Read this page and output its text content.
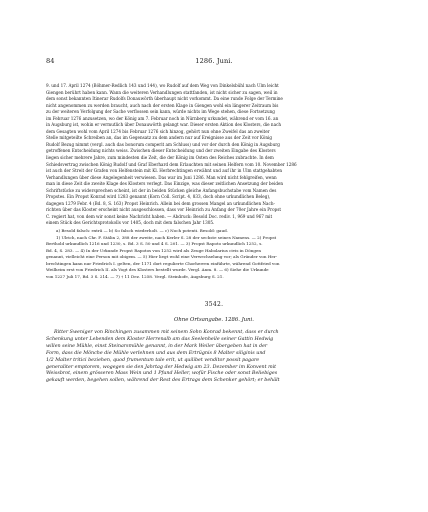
84	1286. Juni.

9. und 17. April 1274 (Böhmer-Redlich 143 und 144), wo Rudolf auf dem Weg von Dinkelsbühl nach Ulm leicht

Giengen berührt haben kann. Wann die weiteren Verhandlungen stattfanden, ist nicht sicher zu sagen, weil in

dem sonst bekannten Itinerar Rudolfs Donauwörth überhaupt nicht vorkommt. Da eine runde Folge der Termine

nicht angenommen zu werden braucht, auch nach der ersten Klage in Giengen wohl ein längerer Zeitraum bis

zu der weiteren Verfolgung der Sache verflossen sein kann, würde nichts im Wege stehen, diese Fortsetzung

im Februar 1276 anzusetzen, wo der König am 7. Februar noch in Nürnberg urkundet, während er vom 16. an

in Augsburg ist, wohin er vermutlich über Donauwörth gelangt war. Dieser ersten Aktion des Klosters, die nach

dem Gesagten wohl vom April 1274 bis Februar 1276 sich hinzog, gehört nun ohne Zweifel das an zweiter

Stelle mitgeteilte Schreiben an, das im Gegensatz zu dem andern nur auf Ereignisse aus der Zeit vor König

Rudolf Bezug nimmt (vergl. auch das bonorum comperit am Schluss) und vor der durch den König in Augsburg

getroffenen Entscheidung nichts weiss. Zwischen dieser Entscheidung und der zweiten Eingabe des Klosters

liegen sicher mehrere Jahre, zum mindesten die Zeit, die der König im Osten des Reiches zubrachte. In dem

Schiedsvertrag zwischen König Rudolf und Graf Eberhard dem Erlauchten mit seinen Helfern vom 10. November 1286

ist auch der Streit der Grafen von Helfenstein mit Kl. Herbrechtingen erwähnt und auf ihr in Ulm stattgehabten

Verhandlungen über diese Angelegenheit verwiesen. Das war im Juni 1286. Man wird nicht fehlgreifen, wenn

man in diese Zeit die zweite Klage des Klosters verlegt. Das Einzige, was dieser zeitlichen Ansetzung der beiden

Schriftstücke zu widersprechen scheint, ist der in beiden Stücken gleiche Anfangsbuchstabe vom Namen des

Propstes. Ein Propst Konrad wird 1283 genannt (Korn Coll. Script. 4, 833, doch ohne urkundlichen Beleg),

dagegen 1279 Febr. 4 (Bd. 8, S. 163) Propst Heinrich. Allein bei dem grossen Mangel an urkundlichen Nach-

richten über das Kloster erscheint nicht ausgeschlossen, dass vor Heinrich zu Anfang der 70er Jahre ein Propst

C. regiert hat, von dem wir sonst keine Nachricht haben. — Abdruck: Besold Doc. rediv. 1, 969 und 967 mit

einem Stück des Gerichtsprotokolls vor 1405, doch mit dem falschen Jahr 1305.

a) Besold falsch: extrâ — b) So falsch wiederholt. — c) Noch potenti. Besold: gaud.

1) Ulrich, nach Chr. F. Stälin 2, 388 der zweite, nach Kerler S. 28 der sechste seines Namens. — 2) Propst

Berthold urkundlich 1216 und 1230, s. Bd. 3 S. 50 und 4 S. 201. — 3) Propst Rapoto urkundlich 1252, s.

Bd. 4, S. 283. — 4) In der Urkunde Propst Rapotos von 1252 wird als Zeuge Habolarius civis in Döngen

genannt, vielleicht eine Person mit obigem. — 5) Hier liegt wohl eine Verwechselung vor; als Gründer von Her-

brechtingen kann nur Friedrich I. gelten, der 1171 dort regulierte Chorherren einführte, während Gottfried von

Weilheim erst von Friedrich II. als Vogt des Klosters bestellt wurde. Vergl. Anm. 8. — 6) Siehe die Urkunde

von 1227 Juli 17, Bd. 3 S. 214. — 7) † 11 Dez. 1258. Vergl. Steinhofe, Augsburg S. 21.

3542.
Ohne Ortsangabe. 1286. Juni.

Ritter Sweniger von Rinchingen zusammen mit seinem Sohn Konrad bekennt, dass er durch

Schenkung unter Lebenden dem Kloster Herrenalb am das Seelenheile seiner Gattin Hedwig

willen seine Mühle, einst Steinarsmühle genannt, in der Mark Weiler übergeben hat in der

Form, dass die Mönche die Mühle verlehnen und aus dem Ertrügnis 8 Malter siliginis und

1/2 Malter tritici beziehen, quod frumentum tale erit, ut quilibet venditor possit pagare

generaliter emptorem, wogegen sie den Jahrtag der Hedwig am 23. Dezember im Konvent mit

Weissbrot, einem grösseren Mass Wein und 1 Pfund Heller, wofür Fische oder sonst Beliebiges

gekauft werden, begehen sollen, während der Rest des Ertrags dem Schenker gehört; er behält
